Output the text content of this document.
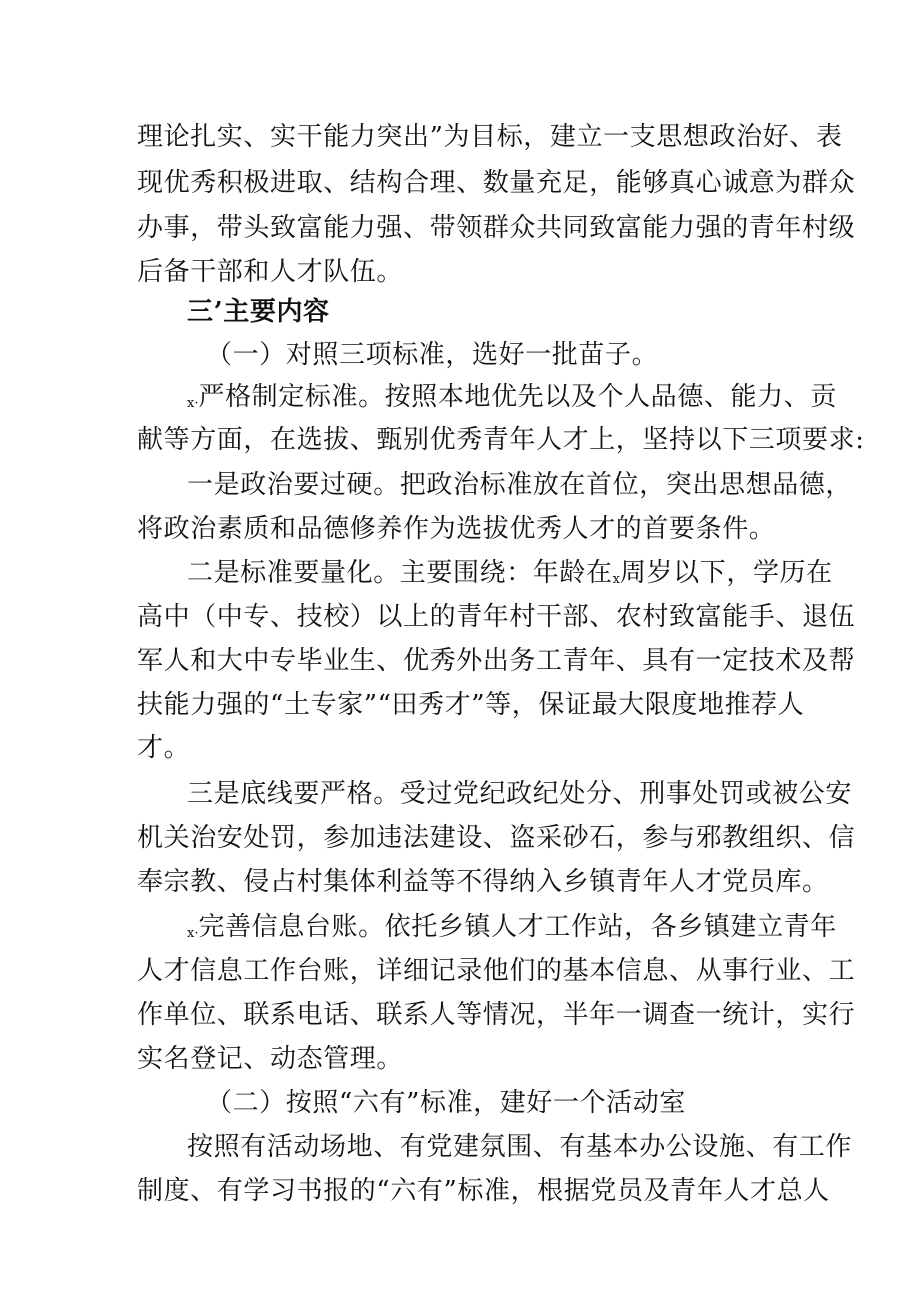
理论扎实、实干能力突出”为目标，建立一支思想政治好、表
现优秀积极进取、结构合理、数量充足，能够真心诚意为群众
办事，带头致富能力强、带领群众共同致富能力强的青年村级
后备干部和人才队伍。
三’主要内容
（一）对照三项标准，选好一批苗子。
x·严格制定标准。按照本地优先以及个人品德、能力、贡
献等方面，在选拔、甄别优秀青年人才上，坚持以下三项要求:
一是政治要过硬。把政治标准放在首位，突出思想品德，
将政治素质和品德修养作为选拔优秀人才的首要条件。
二是标准要量化。主要围绕：年龄在x周岁以下，学历在
高中（中专、技校）以上的青年村干部、农村致富能手、退伍
军人和大中专毕业生、优秀外出务工青年、具有一定技术及帮
扶能力强的“土专家”“田秀才”等，保证最大限度地推荐人
才。
三是底线要严格。受过党纪政纪处分、刑事处罚或被公安
机关治安处罚，参加违法建设、盗采砂石，参与邪教组织、信
奉宗教、侵占村集体利益等不得纳入乡镇青年人才党员库。
x·完善信息台账。依托乡镇人才工作站，各乡镇建立青年
人才信息工作台账，详细记录他们的基本信息、从事行业、工
作单位、联系电话、联系人等情况，半年一调查一统计，实行
实名登记、动态管理。
（二）按照“六有”标准，建好一个活动室
按照有活动场地、有党建氛围、有基本办公设施、有工作
制度、有学习书报的“六有”标准，根据党员及青年人才总人
